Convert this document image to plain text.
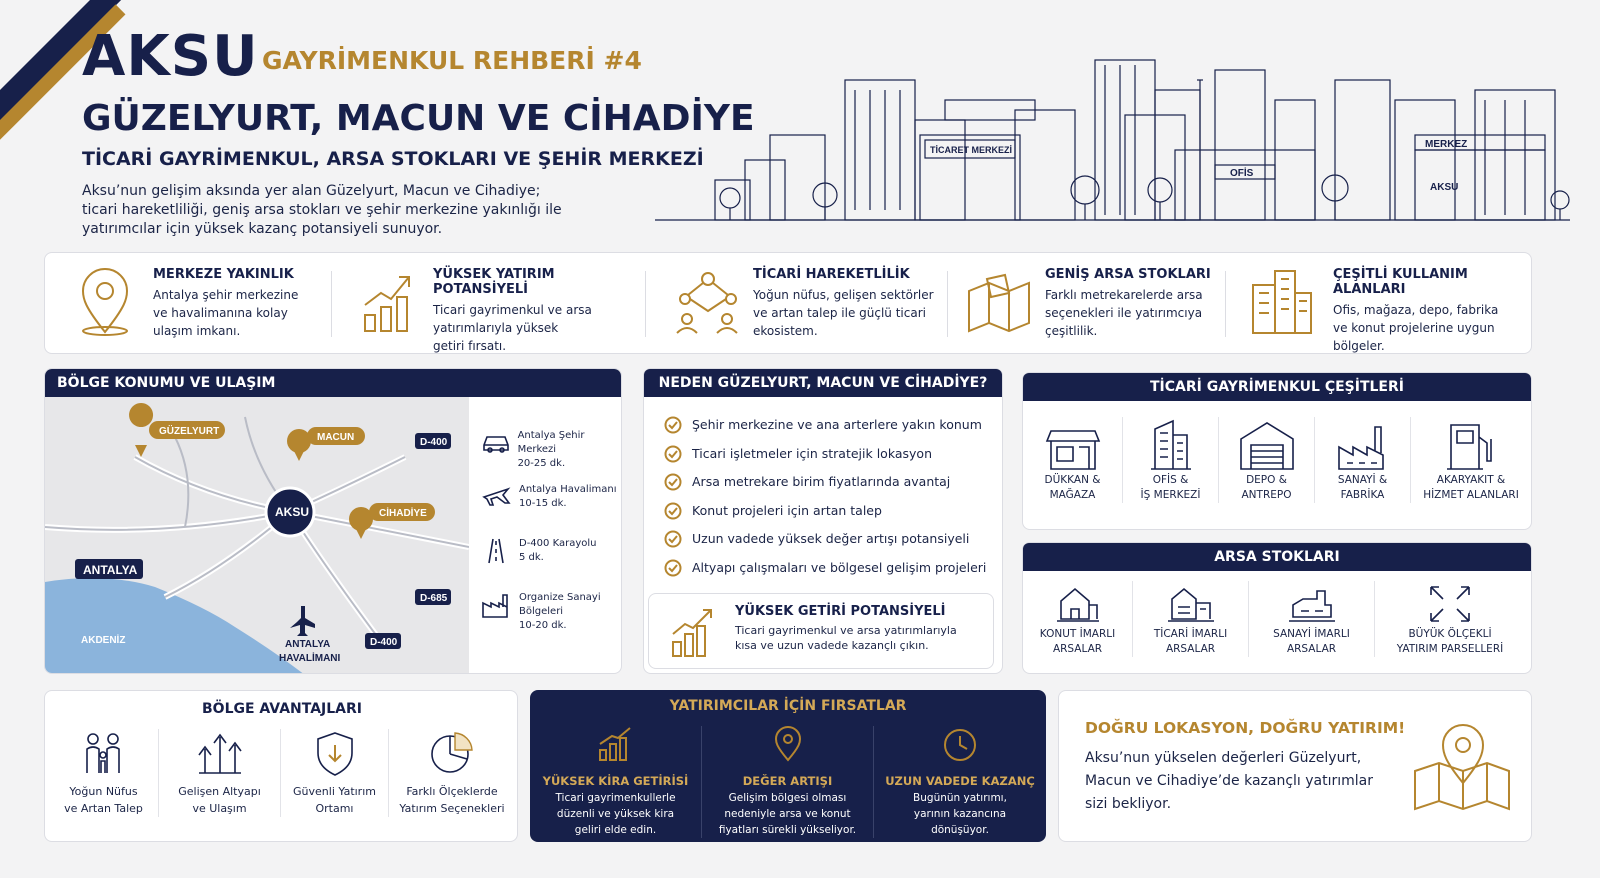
AKSU GAYRİMENKUL REHBERİ #4
GÜZELYURT, MACUN VE CİHADİYE
TİCARİ GAYRİMENKUL, ARSA STOKLARI VE ŞEHİR MERKEZİ
Aksu’nun gelişim aksında yer alan Güzelyurt, Macun ve Cihadiye;
ticari hareketliliği, geniş arsa stokları ve şehir merkezine yakınlığı ile
yatırımcılar için yüksek kazanç potansiyeli sunuyor.
TİCARET MERKEZİ
OFİS
MERKEZ
AKSU
MERKEZE YAKINLIK
Antalya şehir merkezine
ve havalimanına kolay
ulaşım imkanı.
YÜKSEK YATIRIM POTANSİYELİ
Ticari gayrimenkul ve arsa
yatırımlarıyla yüksek
getiri fırsatı.
TİCARİ HAREKETLİLİK
Yoğun nüfus, gelişen sektörler
ve artan talep ile güçlü ticari
ekosistem.
GENİŞ ARSA STOKLARI
Farklı metrekarelerde arsa
seçenekleri ile yatırımcıya
çeşitlilik.
ÇEŞİTLİ KULLANIM ALANLARI
Ofis, mağaza, depo, fabrika
ve konut projelerine uygun
bölgeler.
BÖLGE KONUMU VE ULAŞIM
D-400
D-685
D-400
ANTALYA
AKDENİZ
AKSU
GÜZELYURT
MACUN
CİHADİYE
ANTALYA
HAVALİMANI
Antalya Şehir Merkezi
20-25 dk.
Antalya Havalimanı
10-15 dk.
D-400 Karayolu
5 dk.
Organize Sanayi
Bölgeleri
10-20 dk.
NEDEN GÜZELYURT, MACUN VE CİHADİYE?
Şehir merkezine ve ana arterlere yakın konum
Ticari işletmeler için stratejik lokasyon
Arsa metrekare birim fiyatlarında avantaj
Konut projeleri için artan talep
Uzun vadede yüksek değer artışı potansiyeli
Altyapı çalışmaları ve bölgesel gelişim projeleri
YÜKSEK GETİRİ POTANSİYELİ
Ticari gayrimenkul ve arsa yatırımlarıyla
kısa ve uzun vadede kazançlı çıkın.
TİCARİ GAYRİMENKUL ÇEŞİTLERİ
DÜKKAN &
MAĞAZA
OFİS &
İŞ MERKEZİ
DEPO &
ANTREPO
SANAYİ &
FABRİKA
AKARYAKIT &
HİZMET ALANLARI
ARSA STOKLARI
KONUT İMARLI
ARSALAR
TİCARİ İMARLI
ARSALAR
SANAYİ İMARLI
ARSALAR
BÜYÜK ÖLÇEKLİ
YATIRIM PARSELLERİ
BÖLGE AVANTAJLARI
Yoğun Nüfus
ve Artan Talep
Gelişen Altyapı
ve Ulaşım
Güvenli Yatırım
Ortamı
Farklı Ölçeklerde
Yatırım Seçenekleri
YATIRIMCILAR İÇİN FIRSATLAR
YÜKSEK KİRA GETİRİSİ
Ticari gayrimenkullerle
düzenli ve yüksek kira
geliri elde edin.
DEĞER ARTIŞI
Gelişim bölgesi olması
nedeniyle arsa ve konut
fiyatları sürekli yükseliyor.
UZUN VADEDE KAZANÇ
Bugünün yatırımı,
yarının kazancına
dönüşüyor.
DOĞRU LOKASYON, DOĞRU YATIRIM!
Aksu’nun yükselen değerleri Güzelyurt,
Macun ve Cihadiye’de kazançlı yatırımlar
sizi bekliyor.
